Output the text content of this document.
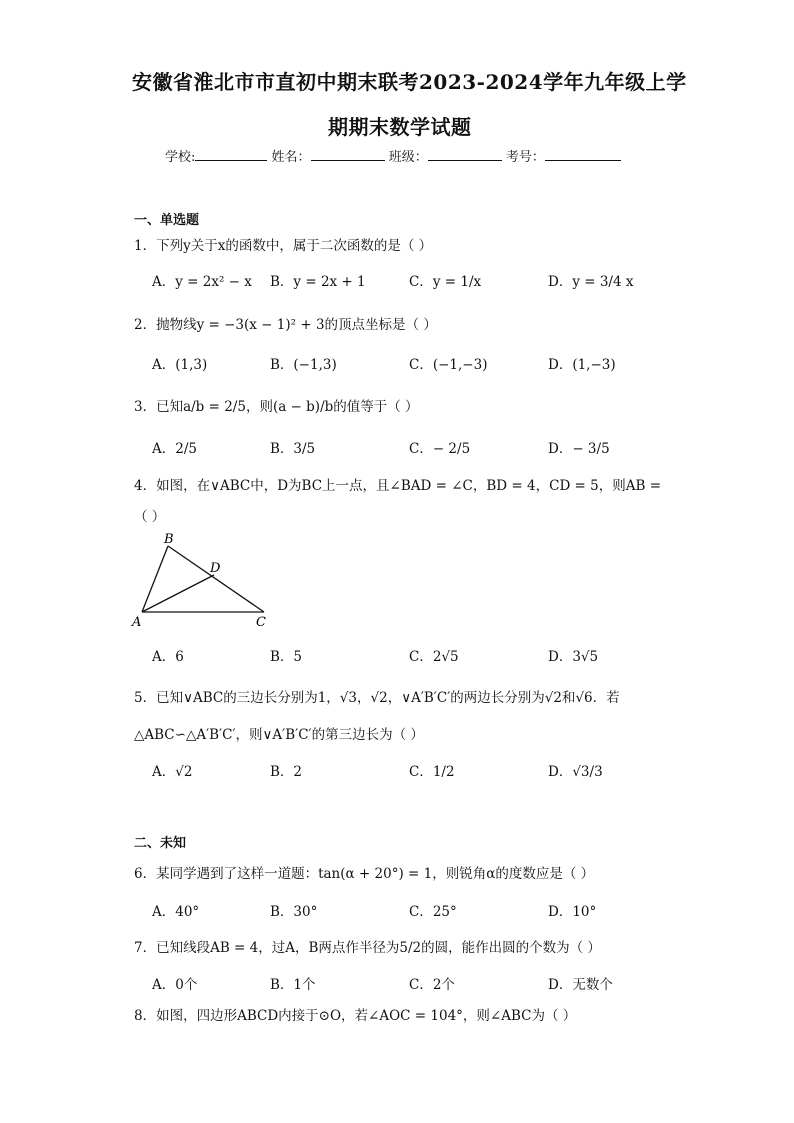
安徽省淮北市市直初中期末联考2023-2024学年九年级上学
期期末数学试题
学校:	姓名：	班级：	考号：
一、单选题
1．下列y关于x的函数中，属于二次函数的是（ ）
A．y = 2x² − x B．y = 2x + 1	C．y = 1/x	D．y = 3/4 x
2．抛物线y = −3(x − 1)² + 3的顶点坐标是（ ）
A．(1,3)	B．(−1,3)	C．(−1,−3)	D．(1,−3)
3．已知a/b = 2/5，则(a − b)/b的值等于（ ）
A．2/5	B．3/5	C．− 2/5	D．− 3/5
4．如图，在∨ABC中，D为BC上一点，且∠BAD = ∠C，BD = 4，CD = 5，则AB =
（ ）
B
D
A	C
A．6	B．5	C．2√5	D．3√5
5．已知∨ABC的三边长分别为1，√3，√2，∨A′B′C′的两边长分别为√2和√6．若
△ABC∽△A′B′C′，则∨A′B′C′的第三边长为（ ）
A．√2	B．2	C．1/2	D．√3/3
二、未知
6．某同学遇到了这样一道题：tan(α + 20°) = 1，则锐角α的度数应是（ ）
A．40°	B．30°	C．25°	D．10°
7．已知线段AB = 4，过A，B两点作半径为5/2的圆，能作出圆的个数为（ ）
A．0个	B．1个	C．2个	D．无数个
8．如图，四边形ABCD内接于⊙O，若∠AOC = 104°，则∠ABC为（ ）
